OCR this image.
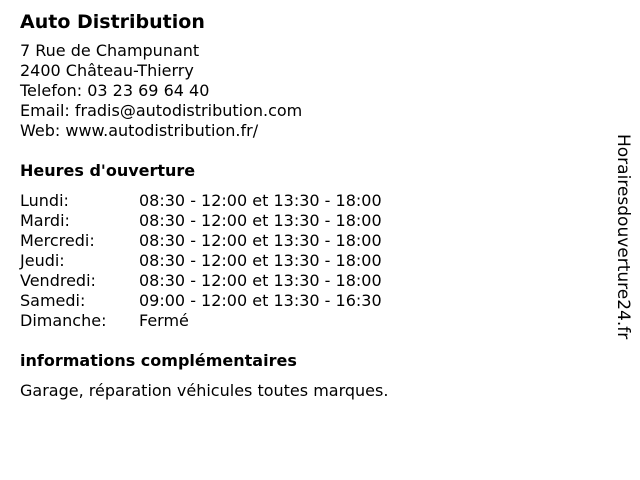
Auto Distribution
7 Rue de Champunant
2400 Château-Thierry
Telefon: 03 23 69 64 40
Email: fradis@autodistribution.com
Web: www.autodistribution.fr/
Heures d'ouverture
Lundi:	08:30 - 12:00 et 13:30 - 18:00
Mardi:	08:30 - 12:00 et 13:30 - 18:00
Mercredi:	08:30 - 12:00 et 13:30 - 18:00
Jeudi:	08:30 - 12:00 et 13:30 - 18:00
Vendredi:	08:30 - 12:00 et 13:30 - 18:00
Samedi:	09:00 - 12:00 et 13:30 - 16:30
Dimanche:	Fermé
informations complémentaires
Garage, réparation véhicules toutes marques.
Horairesdouverture24.fr
